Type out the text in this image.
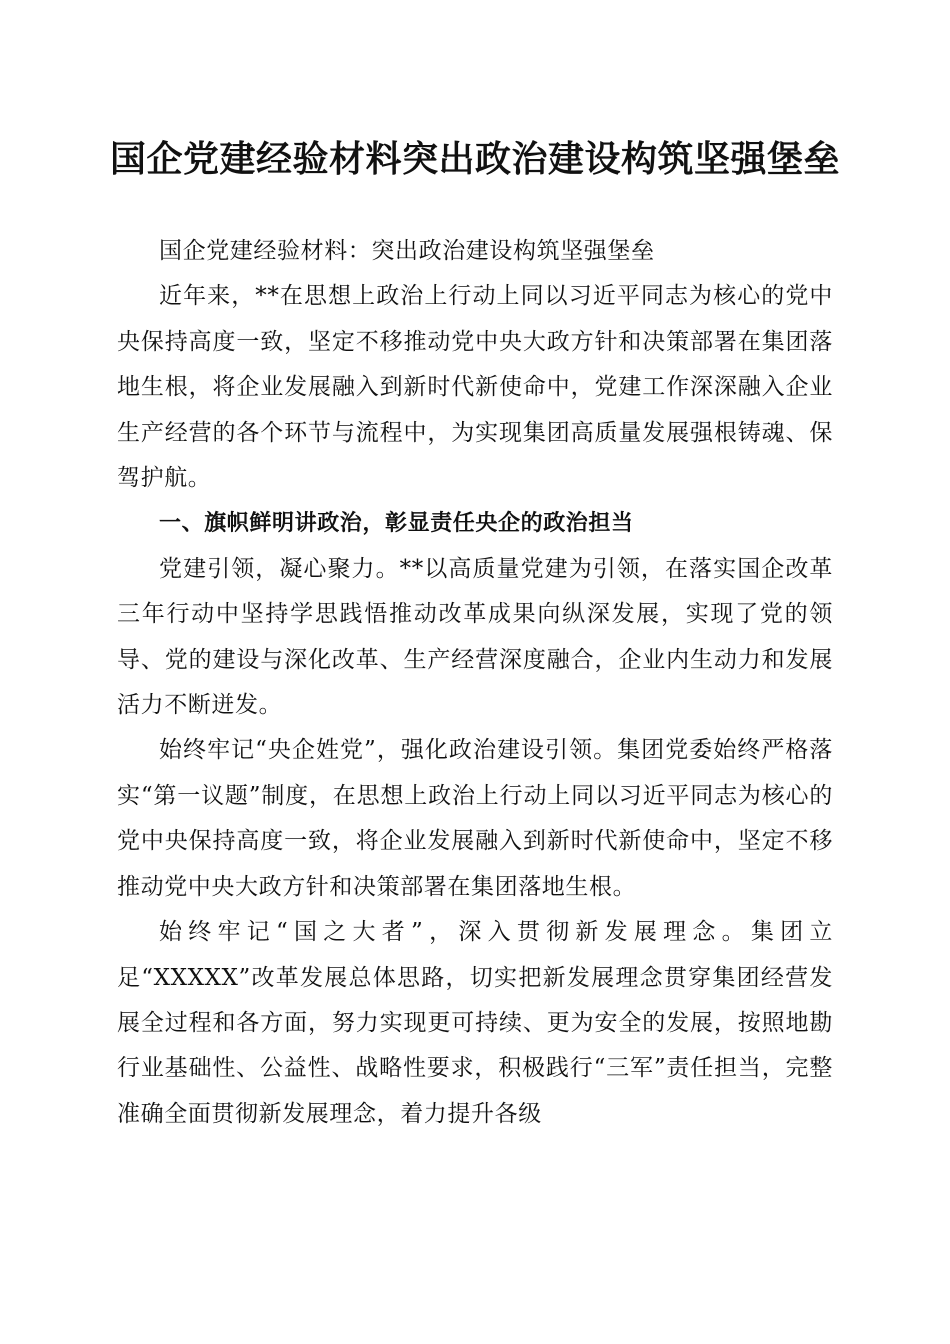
国企党建经验材料突出政治建设构筑坚强堡垒

国企党建经验材料：突出政治建设构筑坚强堡垒

近年来，**在思想上政治上行动上同以习近平同志为核心的党中央保持高度一致，坚定不移推动党中央大政方针和决策部署在集团落地生根，将企业发展融入到新时代新使命中，党建工作深深融入企业生产经营的各个环节与流程中，为实现集团高质量发展强根铸魂、保驾护航。

一、旗帜鲜明讲政治，彰显责任央企的政治担当

党建引领，凝心聚力。**以高质量党建为引领，在落实国企改革三年行动中坚持学思践悟推动改革成果向纵深发展，实现了党的领导、党的建设与深化改革、生产经营深度融合，企业内生动力和发展活力不断迸发。

始终牢记“央企姓党”，强化政治建设引领。集团党委始终严格落实“第一议题”制度，在思想上政治上行动上同以习近平同志为核心的党中央保持高度一致，将企业发展融入到新时代新使命中，坚定不移推动党中央大政方针和决策部署在集团落地生根。

始终牢记“国之大者”，深入贯彻新发展理念。集团立足“XXXXX”改革发展总体思路，切实把新发展理念贯穿集团经营发展全过程和各方面，努力实现更可持续、更为安全的发展，按照地勘行业基础性、公益性、战略性要求，积极践行“三军”责任担当，完整准确全面贯彻新发展理念，着力提升各级
